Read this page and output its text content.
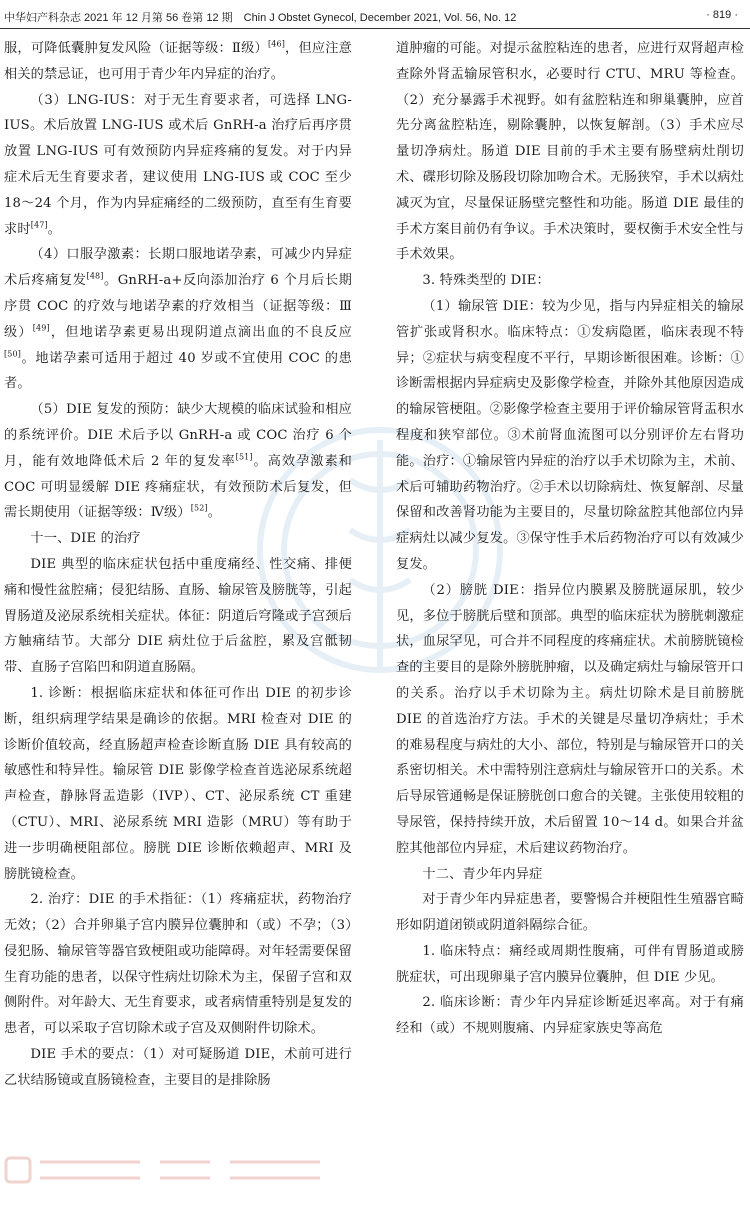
中华妇产科杂志 2021 年 12 月第 56 卷第 12 期　Chin J Obstet Gynecol, December 2021, Vol. 56, No. 12	· 819 ·

服，可降低囊肿复发风险（证据等级：Ⅱ级）[46]，但应注意相关的禁忌证，也可用于青少年内异症的治疗。

（3）LNG-IUS：对于无生育要求者，可选择 LNG-IUS。术后放置 LNG-IUS 或术后 GnRH-a 治疗后再序贯放置 LNG-IUS 可有效预防内异症疼痛的复发。对于内异症术后无生育要求者，建议使用 LNG-IUS 或 COC 至少 18～24 个月，作为内异症痛经的二级预防，直至有生育要求时[47]。

（4）口服孕激素：长期口服地诺孕素，可减少内异症术后疼痛复发[48]。GnRH-a+反向添加治疗 6 个月后长期序贯 COC 的疗效与地诺孕素的疗效相当（证据等级：Ⅲ级）[49]，但地诺孕素更易出现阴道点滴出血的不良反应[50]。地诺孕素可适用于超过 40 岁或不宜使用 COC 的患者。

（5）DIE 复发的预防：缺少大规模的临床试验和相应的系统评价。DIE 术后予以 GnRH-a 或 COC 治疗 6 个月，能有效地降低术后 2 年的复发率[51]。高效孕激素和 COC 可明显缓解 DIE 疼痛症状，有效预防术后复发，但需长期使用（证据等级：Ⅳ级）[52]。

十一、DIE 的治疗

DIE 典型的临床症状包括中重度痛经、性交痛、排便痛和慢性盆腔痛；侵犯结肠、直肠、输尿管及膀胱等，引起胃肠道及泌尿系统相关症状。体征：阴道后穹隆或子宫颈后方触痛结节。大部分 DIE 病灶位于后盆腔，累及宫骶韧带、直肠子宫陷凹和阴道直肠隔。

1. 诊断：根据临床症状和体征可作出 DIE 的初步诊断，组织病理学结果是确诊的依据。MRI 检查对 DIE 的诊断价值较高，经直肠超声检查诊断直肠 DIE 具有较高的敏感性和特异性。输尿管 DIE 影像学检查首选泌尿系统超声检查，静脉肾盂造影（IVP）、CT、泌尿系统 CT 重建（CTU）、MRI、泌尿系统 MRI 造影（MRU）等有助于进一步明确梗阻部位。膀胱 DIE 诊断依赖超声、MRI 及膀胱镜检查。

2. 治疗：DIE 的手术指征：（1）疼痛症状，药物治疗无效；（2）合并卵巢子宫内膜异位囊肿和（或）不孕；（3）侵犯肠、输尿管等器官致梗阻或功能障碍。对年轻需要保留生育功能的患者，以保守性病灶切除术为主，保留子宫和双侧附件。对年龄大、无生育要求，或者病情重特别是复发的患者，可以采取子宫切除术或子宫及双侧附件切除术。

DIE 手术的要点：（1）对可疑肠道 DIE，术前可进行乙状结肠镜或直肠镜检查，主要目的是排除肠

道肿瘤的可能。对提示盆腔粘连的患者，应进行双肾超声检查除外肾盂输尿管积水，必要时行 CTU、MRU 等检查。（2）充分暴露手术视野。如有盆腔粘连和卵巢囊肿，应首先分离盆腔粘连，剔除囊肿，以恢复解剖。（3）手术应尽量切净病灶。肠道 DIE 目前的手术主要有肠壁病灶削切术、碟形切除及肠段切除加吻合术。无肠狭窄，手术以病灶减灭为宜，尽量保证肠壁完整性和功能。肠道 DIE 最佳的手术方案目前仍有争议。手术决策时，要权衡手术安全性与手术效果。

3. 特殊类型的 DIE：

（1）输尿管 DIE：较为少见，指与内异症相关的输尿管扩张或肾积水。临床特点：①发病隐匿，临床表现不特异；②症状与病变程度不平行，早期诊断很困难。诊断：①诊断需根据内异症病史及影像学检查，并除外其他原因造成的输尿管梗阻。②影像学检查主要用于评价输尿管肾盂积水程度和狭窄部位。③术前肾血流图可以分别评价左右肾功能。治疗：①输尿管内异症的治疗以手术切除为主，术前、术后可辅助药物治疗。②手术以切除病灶、恢复解剖、尽量保留和改善肾功能为主要目的，尽量切除盆腔其他部位内异症病灶以减少复发。③保守性手术后药物治疗可以有效减少复发。

（2）膀胱 DIE：指异位内膜累及膀胱逼尿肌，较少见，多位于膀胱后壁和顶部。典型的临床症状为膀胱刺激症状，血尿罕见，可合并不同程度的疼痛症状。术前膀胱镜检查的主要目的是除外膀胱肿瘤，以及确定病灶与输尿管开口的关系。治疗以手术切除为主。病灶切除术是目前膀胱 DIE 的首选治疗方法。手术的关键是尽量切净病灶；手术的难易程度与病灶的大小、部位，特别是与输尿管开口的关系密切相关。术中需特别注意病灶与输尿管开口的关系。术后导尿管通畅是保证膀胱创口愈合的关键。主张使用较粗的导尿管，保持持续开放，术后留置 10～14 d。如果合并盆腔其他部位内异症，术后建议药物治疗。

十二、青少年内异症

对于青少年内异症患者，要警惕合并梗阻性生殖器官畸形如阴道闭锁或阴道斜隔综合征。

1. 临床特点：痛经或周期性腹痛，可伴有胃肠道或膀胱症状，可出现卵巢子宫内膜异位囊肿，但 DIE 少见。

2. 临床诊断：青少年内异症诊断延迟率高。对于有痛经和（或）不规则腹痛、内异症家族史等高危
